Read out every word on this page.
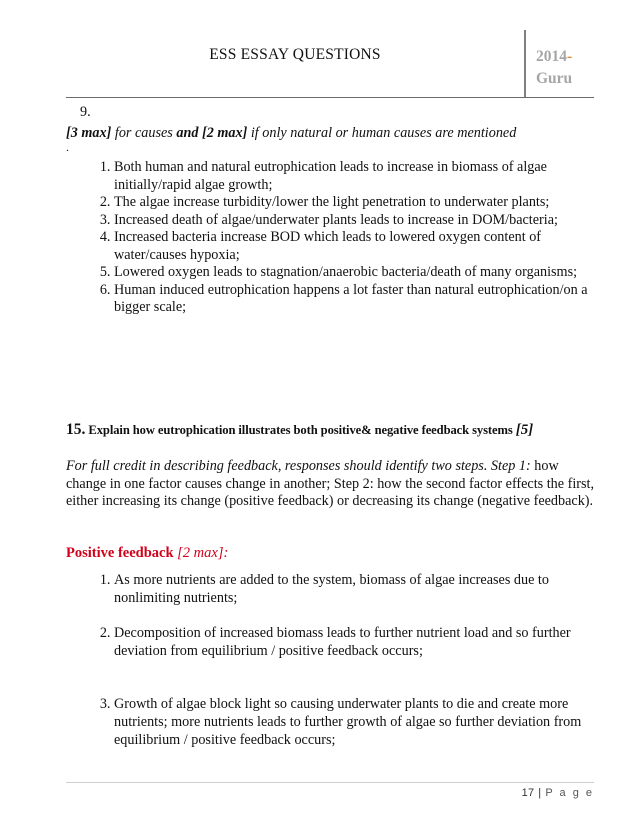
ESS ESSAY QUESTIONS	2014-
Guru
9.
[3 max] for causes and [2 max] if only natural or human causes are mentioned
.
1. Both human and natural eutrophication leads to increase in biomass of algae initially/rapid algae growth;
2. The algae increase turbidity/lower the light penetration to underwater plants;
3. Increased death of algae/underwater plants leads to increase in DOM/bacteria;
4. Increased bacteria increase BOD which leads to lowered oxygen content of water/causes hypoxia;
5. Lowered oxygen leads to stagnation/anaerobic bacteria/death of many organisms;
6. Human induced eutrophication happens a lot faster than natural eutrophication/on a bigger scale;
15. Explain how eutrophication illustrates both positive& negative feedback systems [5]
For full credit in describing feedback, responses should identify two steps. Step 1: how change in one factor causes change in another; Step 2: how the second factor effects the first, either increasing its change (positive feedback) or decreasing its change (negative feedback).
Positive feedback [2 max]:
1. As more nutrients are added to the system, biomass of algae increases due to nonlimiting nutrients;
2. Decomposition of increased biomass leads to further nutrient load and so further deviation from equilibrium / positive feedback occurs;
3. Growth of algae block light so causing underwater plants to die and create more nutrients; more nutrients leads to further growth of algae so further deviation from equilibrium / positive feedback occurs;
17 | P a g e
